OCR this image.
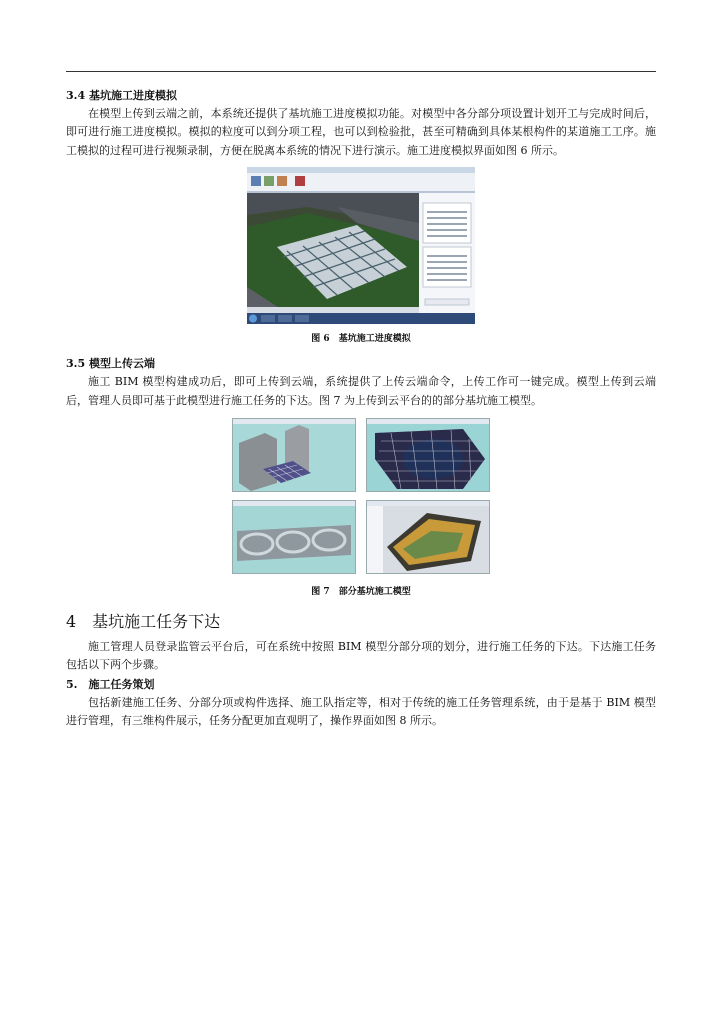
3.4 基坑施工进度模拟

在模型上传到云端之前，本系统还提供了基坑施工进度模拟功能。对模型中各分部分项设置计划开工与完成时间后，即可进行施工进度模拟。模拟的粒度可以到分项工程，也可以到检验批，甚至可精确到具体某根构件的某道施工工序。施工模拟的过程可进行视频录制，方便在脱离本系统的情况下进行演示。施工进度模拟界面如图 6 所示。

图 6　基坑施工进度模拟

3.5 模型上传云端

施工 BIM 模型构建成功后，即可上传到云端，系统提供了上传云端命令，上传工作可一键完成。模型上传到云端后，管理人员即可基于此模型进行施工任务的下达。图 7 为上传到云平台的的部分基坑施工模型。

图 7　部分基坑施工模型

4　基坑施工任务下达

施工管理人员登录监管云平台后，可在系统中按照 BIM 模型分部分项的划分，进行施工任务的下达。下达施工任务包括以下两个步骤。

5.　施工任务策划

包括新建施工任务、分部分项或构件选择、施工队指定等，相对于传统的施工任务管理系统，由于是基于 BIM 模型进行管理，有三维构件展示，任务分配更加直观明了，操作界面如图 8 所示。
